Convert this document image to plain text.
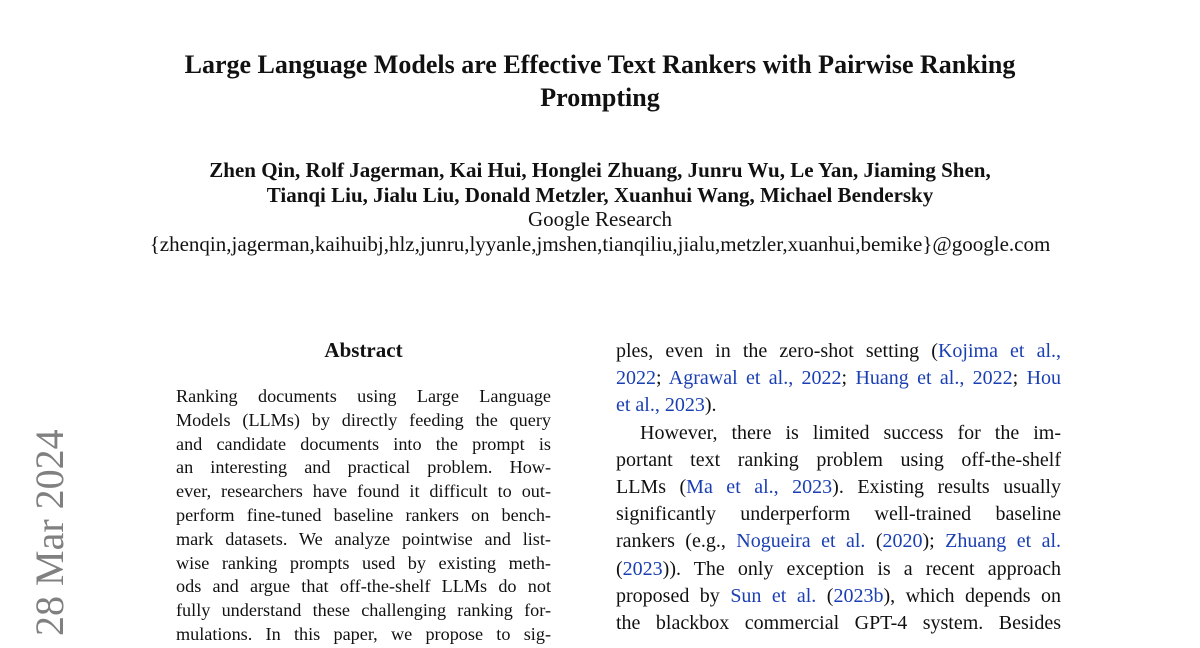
Large Language Models are Effective Text Rankers with Pairwise Ranking
Prompting
Zhen Qin, Rolf Jagerman, Kai Hui, Honglei Zhuang, Junru Wu, Le Yan, Jiaming Shen,
Tianqi Liu, Jialu Liu, Donald Metzler, Xuanhui Wang, Michael Bendersky
Google Research
{zhenqin,jagerman,kaihuibj,hlz,junru,lyyanle,jmshen,tianqiliu,jialu,metzler,xuanhui,bemike}@google.com
28 Mar 2024
Abstract
Ranking documents using Large Language
Models (LLMs) by directly feeding the query
and candidate documents into the prompt is
an interesting and practical problem. How-
ever, researchers have found it difficult to out-
perform fine-tuned baseline rankers on bench-
mark datasets. We analyze pointwise and list-
wise ranking prompts used by existing meth-
ods and argue that off-the-shelf LLMs do not
fully understand these challenging ranking for-
mulations. In this paper, we propose to sig-
ples, even in the zero-shot setting (Kojima et al.,
2022; Agrawal et al., 2022; Huang et al., 2022; Hou
et al., 2023).
However, there is limited success for the im-
portant text ranking problem using off-the-shelf
LLMs (Ma et al., 2023). Existing results usually
significantly underperform well-trained baseline
rankers (e.g., Nogueira et al. (2020); Zhuang et al.
(2023)). The only exception is a recent approach
proposed by Sun et al. (2023b), which depends on
the blackbox commercial GPT-4 system. Besides
